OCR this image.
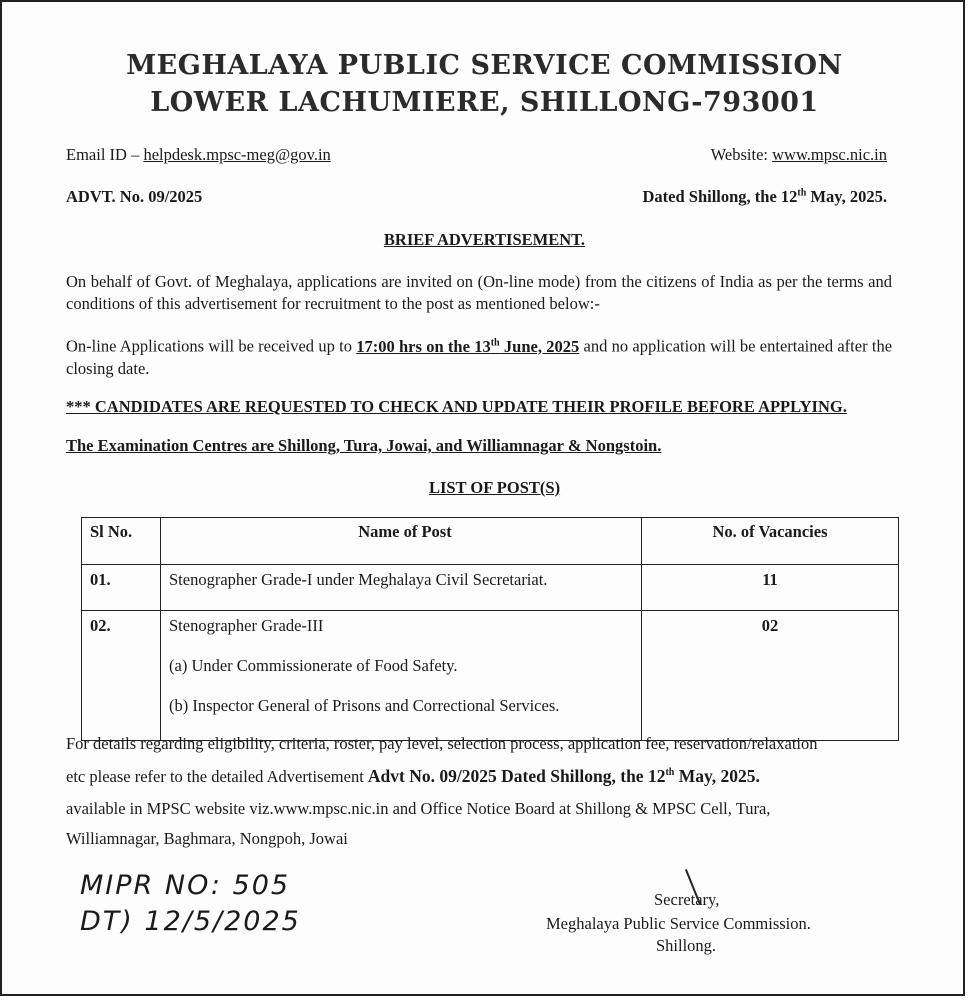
MEGHALAYA PUBLIC SERVICE COMMISSION
LOWER LACHUMIERE, SHILLONG-793001
Email ID – helpdesk.mpsc-meg@gov.in	Website: www.mpsc.nic.in
ADVT. No. 09/2025	Dated Shillong, the 12th May, 2025.
BRIEF ADVERTISEMENT.
On behalf of Govt. of Meghalaya, applications are invited on (On-line mode) from the citizens of India as per the terms and conditions of this advertisement for recruitment to the post as mentioned below:-
On-line Applications will be received up to 17:00 hrs on the 13th June, 2025 and no application will be entertained after the closing date.
*** CANDIDATES ARE REQUESTED TO CHECK AND UPDATE THEIR PROFILE BEFORE APPLYING.
The Examination Centres are Shillong, Tura, Jowai, and Williamnagar & Nongstoin.
LIST OF POST(S)
Sl No.	Name of Post	No. of Vacancies
01.	Stenographer Grade-I under Meghalaya Civil Secretariat.	11
02.	Stenographer Grade-III
(a) Under Commissionerate of Food Safety.
(b) Inspector General of Prisons and Correctional Services.	02
For details regarding eligibility, criteria, roster, pay level, selection process, application fee, reservation/relaxation
etc please refer to the detailed Advertisement Advt No. 09/2025 Dated Shillong, the 12th May, 2025.
available in MPSC website viz.www.mpsc.nic.in and Office Notice Board at Shillong & MPSC Cell, Tura,
Williamnagar, Baghmara, Nongpoh, Jowai
MIPR NO: 505
DT) 12/5/2025
Secretary,
Meghalaya Public Service Commission.
Shillong.
